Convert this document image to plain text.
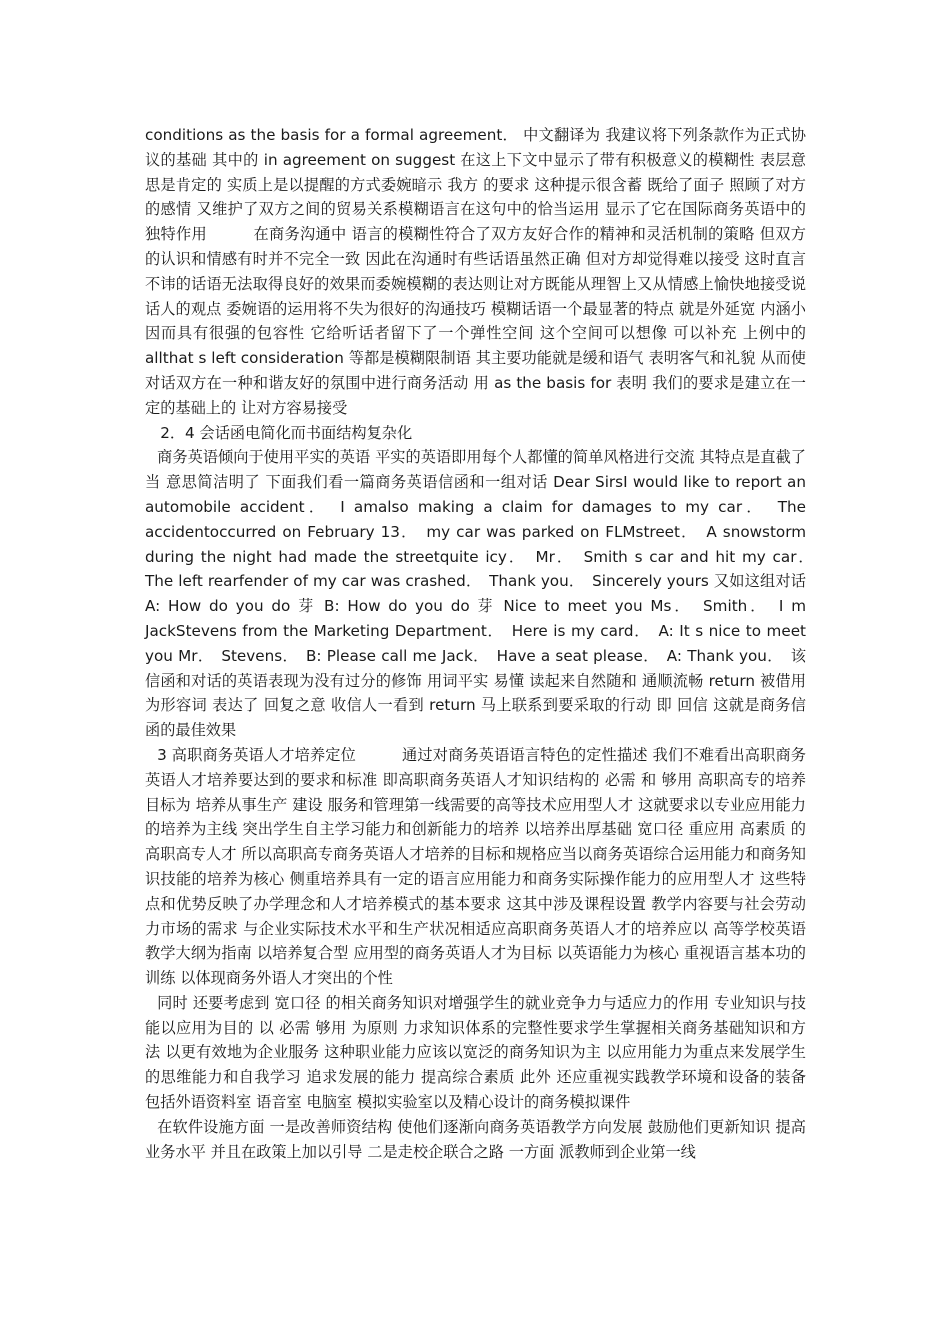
conditions as the basis for a formal agreement． 中文翻译为 我建议将下列条款作为正式协议的基础 其中的 in agreement on suggest 在这上下文中显示了带有积极意义的模糊性 表层意思是肯定的 实质上是以提醒的方式委婉暗示 我方 的要求 这种提示很含蓄 既给了面子 照顾了对方的感情 又维护了双方之间的贸易关系模糊语言在这句中的恰当运用 显示了它在国际商务英语中的独特作用　　　在商务沟通中 语言的模糊性符合了双方友好合作的精神和灵活机制的策略 但双方的认识和情感有时并不完全一致 因此在沟通时有些话语虽然正确 但对方却觉得难以接受 这时直言不讳的话语无法取得良好的效果而委婉模糊的表达则让对方既能从理智上又从情感上愉快地接受说话人的观点 委婉语的运用将不失为很好的沟通技巧 模糊话语一个最显著的特点 就是外延宽 内涵小 因而具有很强的包容性 它给听话者留下了一个弹性空间 这个空间可以想像 可以补充 上例中的 allthat s left consideration 等都是模糊限制语 其主要功能就是缓和语气 表明客气和礼貌 从而使对话双方在一种和谐友好的氛围中进行商务活动 用 as the basis for 表明 我们的要求是建立在一定的基础上的 让对方容易接受

2．4 会话函电简化而书面结构复杂化

商务英语倾向于使用平实的英语 平实的英语即用每个人都懂的简单风格进行交流 其特点是直截了当 意思简洁明了 下面我们看一篇商务英语信函和一组对话 Dear SirsI would like to report an automobile accident．　I amalso making a claim for damages to my car．　The accidentoccurred on February 13．　my car was parked on FLMstreet．　A snowstorm during the night had made the streetquite icy．　Mr．　Smith s car and hit my car．　The left rearfender of my car was crashed．　Thank you．　Sincerely yours 又如这组对话 A: How do you do 芽 B: How do you do 芽 Nice to meet you Ms．　Smith．　I m JackStevens from the Marketing Department．　Here is my card．　A: It s nice to meet you Mr．　Stevens．　B: Please call me Jack．　Have a seat please．　A: Thank you．　该信函和对话的英语表现为没有过分的修饰 用词平实 易懂 读起来自然随和 通顺流畅 return 被借用为形容词 表达了 回复之意 收信人一看到 return 马上联系到要采取的行动 即 回信 这就是商务信函的最佳效果

3 高职商务英语人才培养定位　　　通过对商务英语语言特色的定性描述 我们不难看出高职商务英语人才培养要达到的要求和标准 即高职商务英语人才知识结构的 必需 和 够用 高职高专的培养目标为 培养从事生产 建设 服务和管理第一线需要的高等技术应用型人才 这就要求以专业应用能力的培养为主线 突出学生自主学习能力和创新能力的培养 以培养出厚基础 宽口径 重应用 高素质 的高职高专人才 所以高职高专商务英语人才培养的目标和规格应当以商务英语综合运用能力和商务知识技能的培养为核心 侧重培养具有一定的语言应用能力和商务实际操作能力的应用型人才 这些特点和优势反映了办学理念和人才培养模式的基本要求 这其中涉及课程设置 教学内容要与社会劳动力市场的需求 与企业实际技术水平和生产状况相适应高职商务英语人才的培养应以 高等学校英语教学大纲为指南 以培养复合型 应用型的商务英语人才为目标 以英语能力为核心 重视语言基本功的训练 以体现商务外语人才突出的个性

同时 还要考虑到 宽口径 的相关商务知识对增强学生的就业竞争力与适应力的作用 专业知识与技能以应用为目的 以 必需 够用 为原则 力求知识体系的完整性要求学生掌握相关商务基础知识和方法 以更有效地为企业服务 这种职业能力应该以宽泛的商务知识为主 以应用能力为重点来发展学生的思维能力和自我学习 追求发展的能力 提高综合素质 此外 还应重视实践教学环境和设备的装备 包括外语资料室 语音室 电脑室 模拟实验室以及精心设计的商务模拟课件

在软件设施方面 一是改善师资结构 使他们逐渐向商务英语教学方向发展 鼓励他们更新知识 提高业务水平 并且在政策上加以引导 二是走校企联合之路 一方面 派教师到企业第一线
